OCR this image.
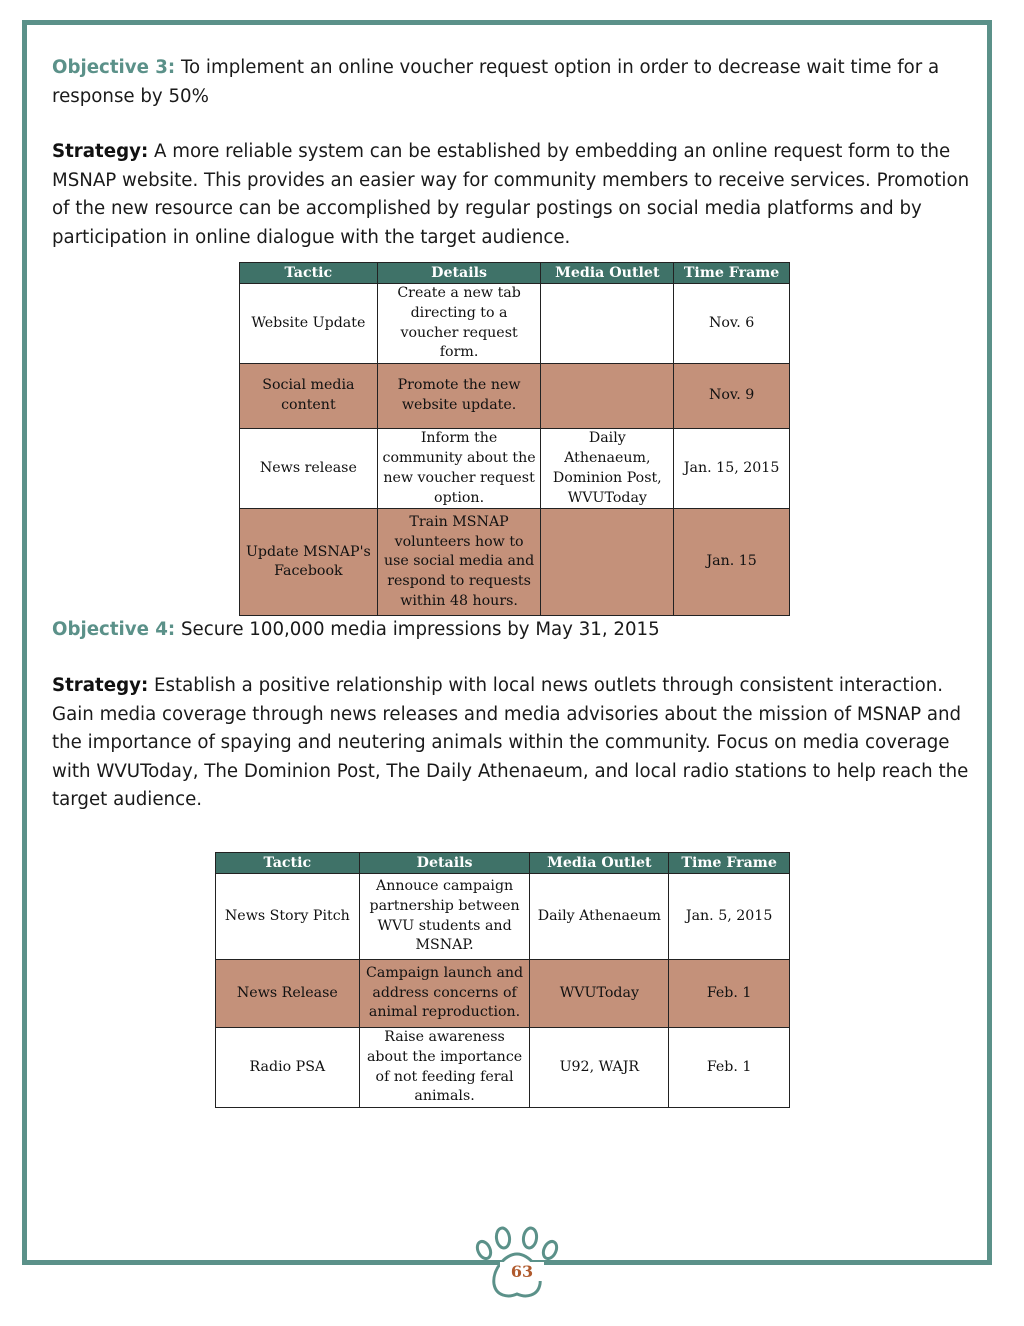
Objective 3: To implement an online voucher request option in order to decrease wait time for a response by 50%

Strategy: A more reliable system can be established by embedding an online request form to the MSNAP website. This provides an easier way for community members to receive services. Promotion of the new resource can be accomplished by regular postings on social media platforms and by participation in online dialogue with the target audience.

Tactic	Details	Media Outlet	Time Frame
Website Update	Create a new tab directing to a voucher request form.		Nov. 6
Social media content	Promote the new website update.		Nov. 9
News release	Inform the community about the new voucher request option.	Daily Athenaeum, Dominion Post, WVUToday	Jan. 15, 2015
Update MSNAP's Facebook	Train MSNAP volunteers how to use social media and respond to requests within 48 hours.		Jan. 15

Objective 4: Secure 100,000 media impressions by May 31, 2015

Strategy: Establish a positive relationship with local news outlets through consistent interaction. Gain media coverage through news releases and media advisories about the mission of MSNAP and the importance of spaying and neutering animals within the community. Focus on media coverage with WVUToday, The Dominion Post, The Daily Athenaeum, and local radio stations to help reach the target audience.

Tactic	Details	Media Outlet	Time Frame
News Story Pitch	Annouce campaign partnership between WVU students and MSNAP.	Daily Athenaeum	Jan. 5, 2015
News Release	Campaign launch and address concerns of animal reproduction.	WVUToday	Feb. 1
Radio PSA	Raise awareness about the importance of not feeding feral animals.	U92, WAJR	Feb. 1
63
